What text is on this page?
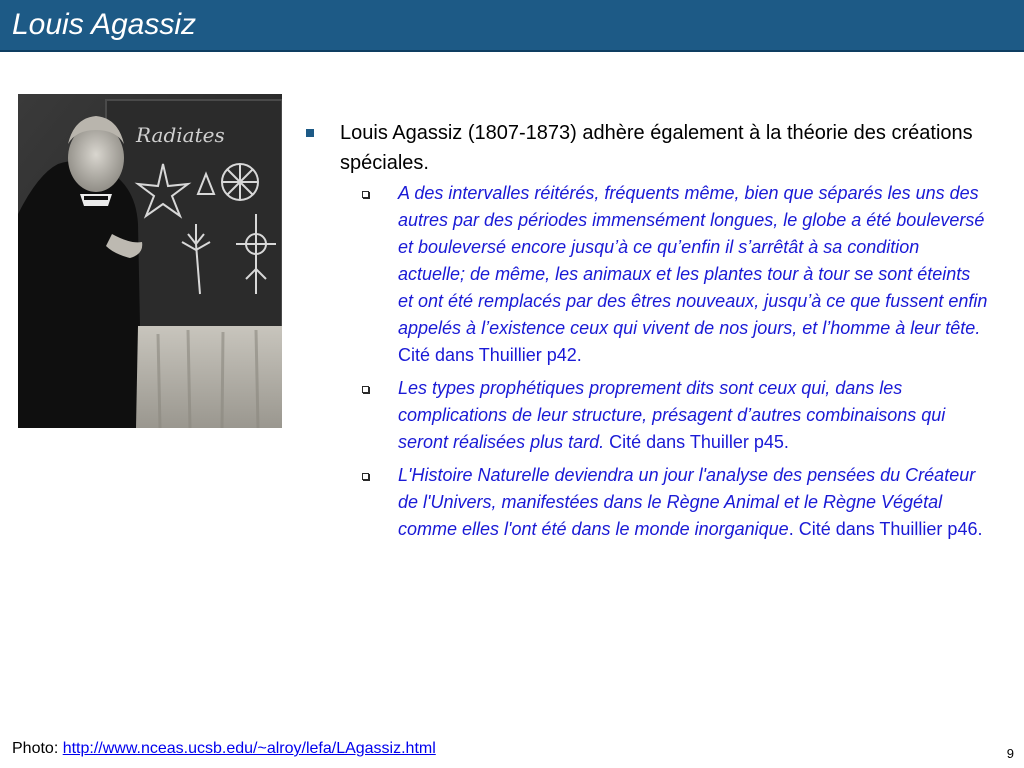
Louis Agassiz
Radiates	Louis Agassiz (1807-1873) adhère également à la théorie des créations spéciales.
A des intervalles réitérés, fréquents même, bien que séparés les uns des autres par des périodes immensément longues, le globe a été bouleversé et bouleversé encore jusqu’à ce qu’enfin il s’arrêtât à sa condition actuelle; de même, les animaux et les plantes tour à tour se sont éteints et ont été remplacés par des êtres nouveaux, jusqu’à ce que fussent enfin appelés à l’existence ceux qui vivent de nos jours, et l’homme à leur tête. Cité dans Thuillier p42.
Les types prophétiques proprement dits sont ceux qui, dans les complications de leur structure, présagent d’autres combinaisons qui seront réalisées plus tard. Cité dans Thuiller p45.
L'Histoire Naturelle deviendra un jour l'analyse des pensées du Créateur de l'Univers, manifestées dans le Règne Animal et le Règne Végétal comme elles l'ont été dans le monde inorganique. Cité dans Thuillier p46.
Photo: http://www.nceas.ucsb.edu/~alroy/lefa/LAgassiz.html	9
